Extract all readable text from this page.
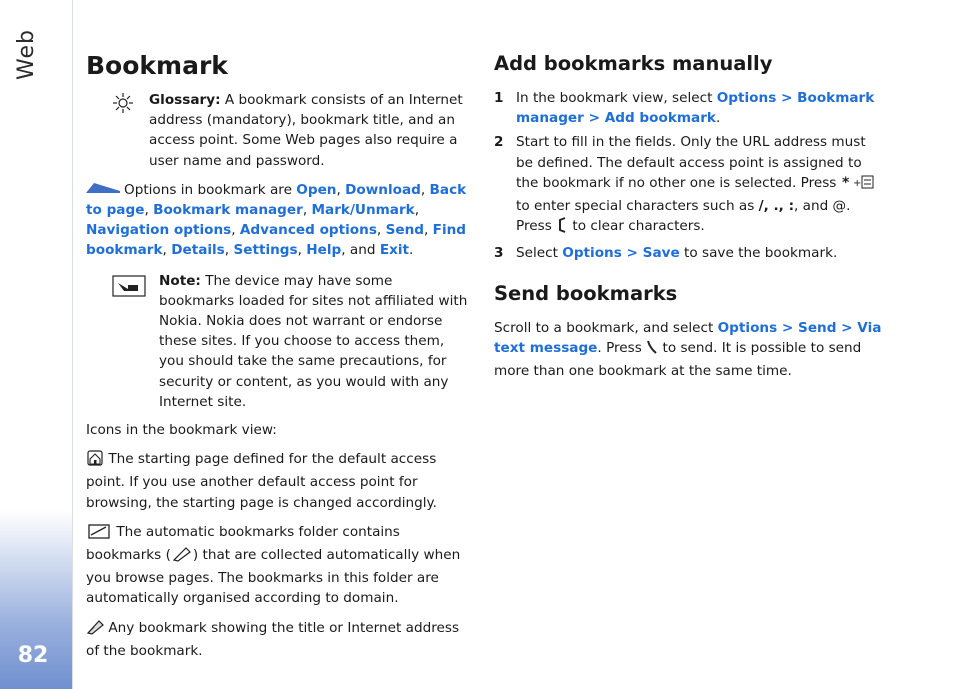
Web
82
Bookmark

Glossary: A bookmark consists of an Internet address (mandatory), bookmark title, and an access point. Some Web pages also require a user name and password.

Options in bookmark are Open, Download, Back to page, Bookmark manager, Mark/Unmark, Navigation options, Advanced options, Send, Find bookmark, Details, Settings, Help, and Exit.

Note: The device may have some bookmarks loaded for sites not affiliated with Nokia. Nokia does not warrant or endorse these sites. If you choose to access them, you should take the same precautions, for security or content, as you would with any Internet site.

Icons in the bookmark view:

The starting page defined for the default access point. If you use another default access point for browsing, the starting page is changed accordingly.

The automatic bookmarks folder contains bookmarks ( ) that are collected automatically when you browse pages. The bookmarks in this folder are automatically organised according to domain.

Any bookmark showing the title or Internet address of the bookmark.

Add bookmarks manually
1 In the bookmark view, select Options > Bookmark manager > Add bookmark.
2 Start to fill in the fields. Only the URL address must be defined. The default access point is assigned to the bookmark if no other one is selected. Press * +
to enter special characters such as /, ., :, and @. Press  to clear characters.
3 Select Options > Save to save the bookmark.
Send bookmarks

Scroll to a bookmark, and select Options > Send > Via text message. Press  to send. It is possible to send more than one bookmark at the same time.
